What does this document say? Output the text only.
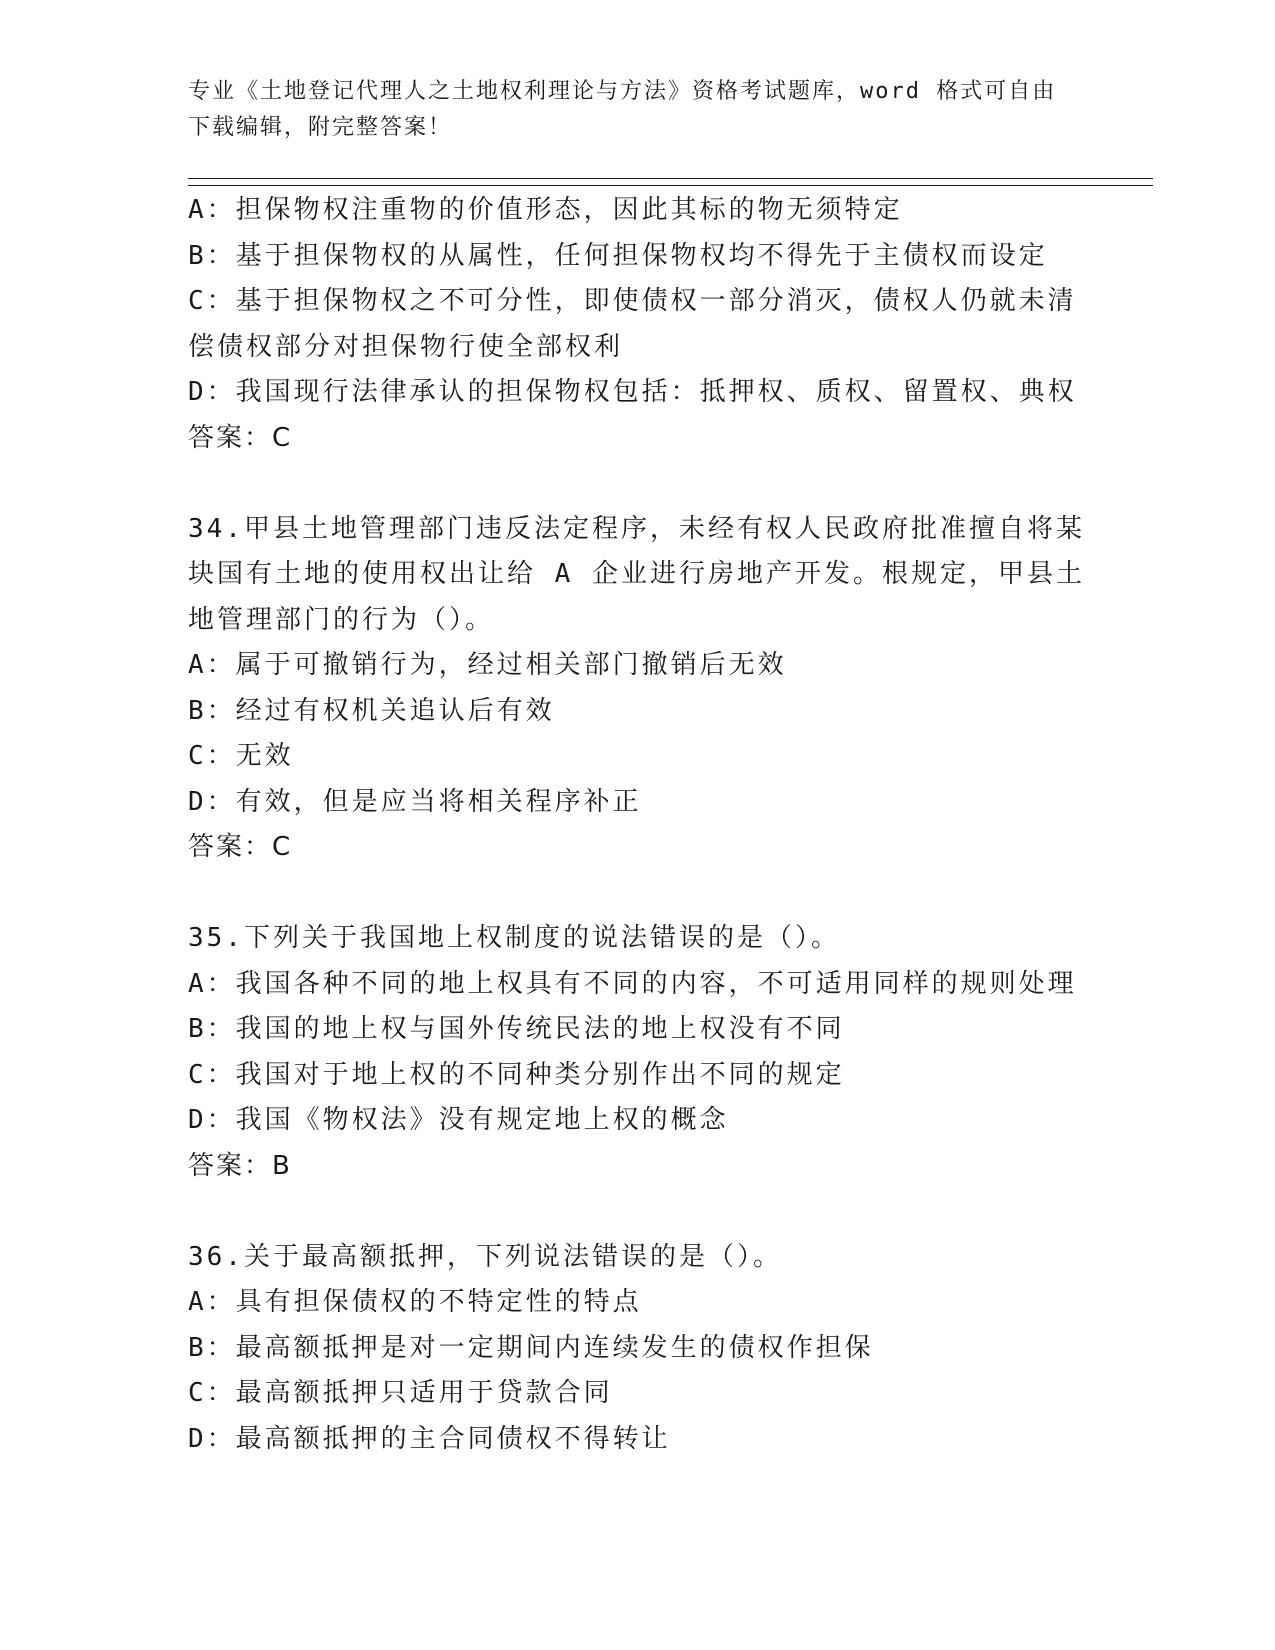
专业《土地登记代理人之土地权利理论与方法》资格考试题库，word 格式可自由
下载编辑，附完整答案！
A：担保物权注重物的价值形态，因此其标的物无须特定
B：基于担保物权的从属性，任何担保物权均不得先于主债权而设定
C：基于担保物权之不可分性，即使债权一部分消灭，债权人仍就未清
偿债权部分对担保物行使全部权利
D：我国现行法律承认的担保物权包括：抵押权、质权、留置权、典权
答案：C
34.甲县土地管理部门违反法定程序，未经有权人民政府批准擅自将某
块国有土地的使用权出让给 A 企业进行房地产开发。根规定，甲县土
地管理部门的行为（）。
A：属于可撤销行为，经过相关部门撤销后无效
B：经过有权机关追认后有效
C：无效
D：有效，但是应当将相关程序补正
答案：C
35.下列关于我国地上权制度的说法错误的是（）。
A：我国各种不同的地上权具有不同的内容，不可适用同样的规则处理
B：我国的地上权与国外传统民法的地上权没有不同
C：我国对于地上权的不同种类分别作出不同的规定
D：我国《物权法》没有规定地上权的概念
答案：B
36.关于最高额抵押，下列说法错误的是（）。
A：具有担保债权的不特定性的特点
B：最高额抵押是对一定期间内连续发生的债权作担保
C：最高额抵押只适用于贷款合同
D：最高额抵押的主合同债权不得转让
